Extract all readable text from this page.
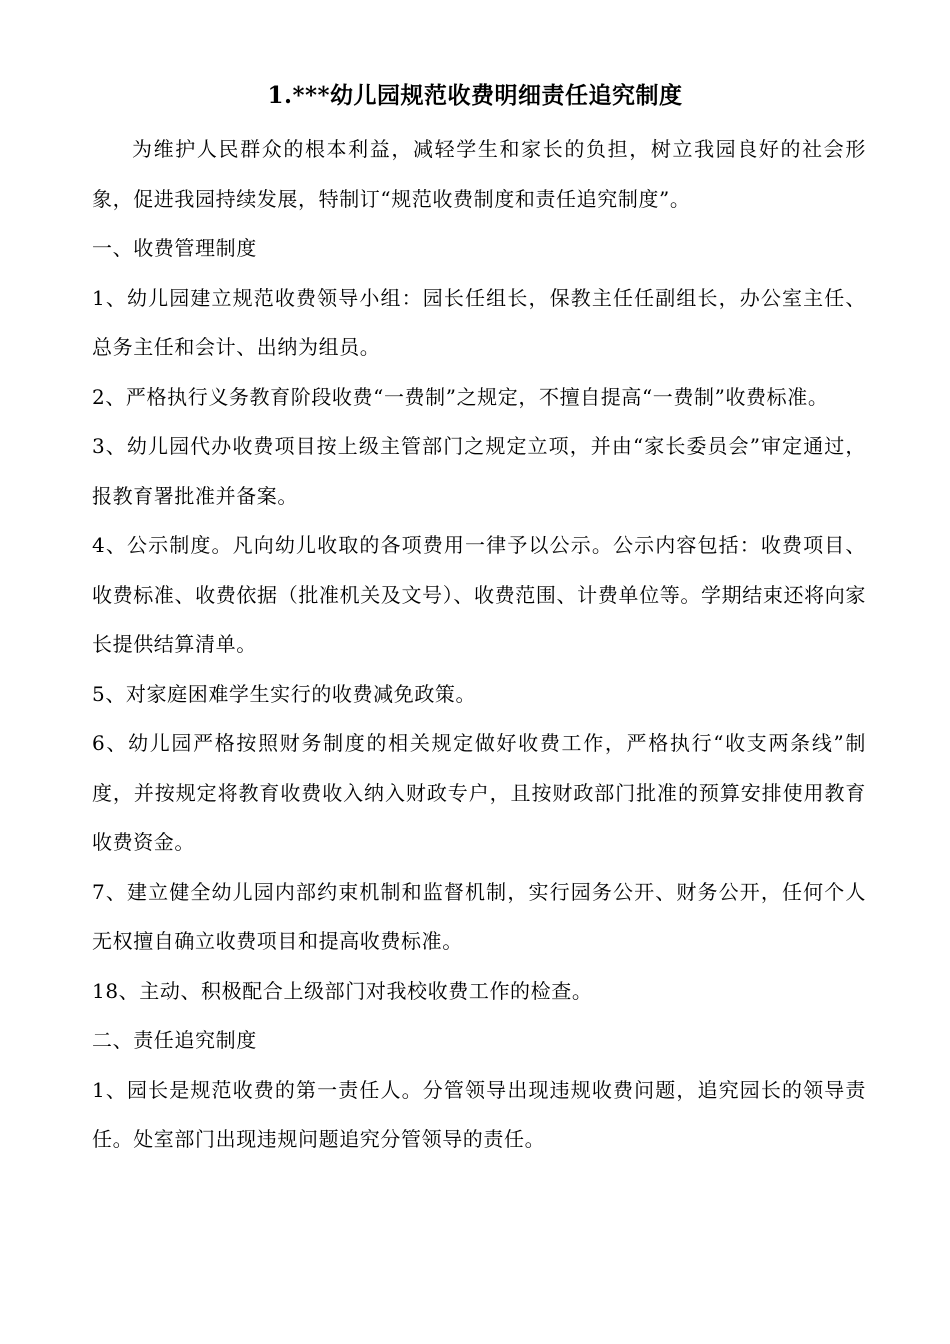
1.***幼儿园规范收费明细责任追究制度

为维护人民群众的根本利益，减轻学生和家长的负担，树立我园良好的社会形象，促进我园持续发展，特制订“规范收费制度和责任追究制度”。

一、收费管理制度

1、幼儿园建立规范收费领导小组：园长任组长，保教主任任副组长，办公室主任、总务主任和会计、出纳为组员。

2、严格执行义务教育阶段收费“一费制”之规定，不擅自提高“一费制”收费标准。

3、幼儿园代办收费项目按上级主管部门之规定立项，并由“家长委员会”审定通过，报教育署批准并备案。

4、公示制度。凡向幼儿收取的各项费用一律予以公示。公示内容包括：收费项目、收费标准、收费依据（批准机关及文号）、收费范围、计费单位等。学期结束还将向家长提供结算清单。

5、对家庭困难学生实行的收费减免政策。

6、幼儿园严格按照财务制度的相关规定做好收费工作，严格执行“收支两条线”制度，并按规定将教育收费收入纳入财政专户，且按财政部门批准的预算安排使用教育收费资金。

7、建立健全幼儿园内部约束机制和监督机制，实行园务公开、财务公开，任何个人无权擅自确立收费项目和提高收费标准。

18、主动、积极配合上级部门对我校收费工作的检查。

二、责任追究制度

1、园长是规范收费的第一责任人。分管领导出现违规收费问题，追究园长的领导责任。处室部门出现违规问题追究分管领导的责任。
